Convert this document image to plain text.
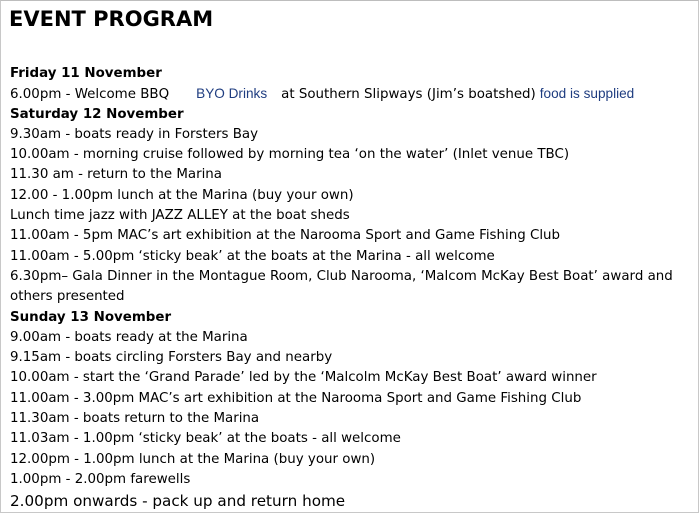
EVENT PROGRAM
Friday 11 November
6.00pm - Welcome BBQ BYO Drinks at Southern Slipways (Jim’s boatshed) food is supplied
Saturday 12 November
9.30am - boats ready in Forsters Bay
10.00am - morning cruise followed by morning tea ‘on the water’ (Inlet venue TBC)
11.30 am - return to the Marina
12.00 - 1.00pm lunch at the Marina (buy your own)
Lunch time jazz with JAZZ ALLEY at the boat sheds
11.00am - 5pm MAC’s art exhibition at the Narooma Sport and Game Fishing Club
11.00am - 5.00pm ‘sticky beak’ at the boats at the Marina - all welcome
6.30pm– Gala Dinner in the Montague Room, Club Narooma, ‘Malcom McKay Best Boat’ award and others presented
Sunday 13 November
9.00am - boats ready at the Marina
9.15am - boats circling Forsters Bay and nearby
10.00am - start the ‘Grand Parade’ led by the ‘Malcolm McKay Best Boat’ award winner
11.00am - 3.00pm MAC’s art exhibition at the Narooma Sport and Game Fishing Club
11.30am - boats return to the Marina
11.03am - 1.00pm ‘sticky beak’ at the boats - all welcome
12.00pm - 1.00pm lunch at the Marina (buy your own)
1.00pm - 2.00pm farewells
2.00pm onwards - pack up and return home
